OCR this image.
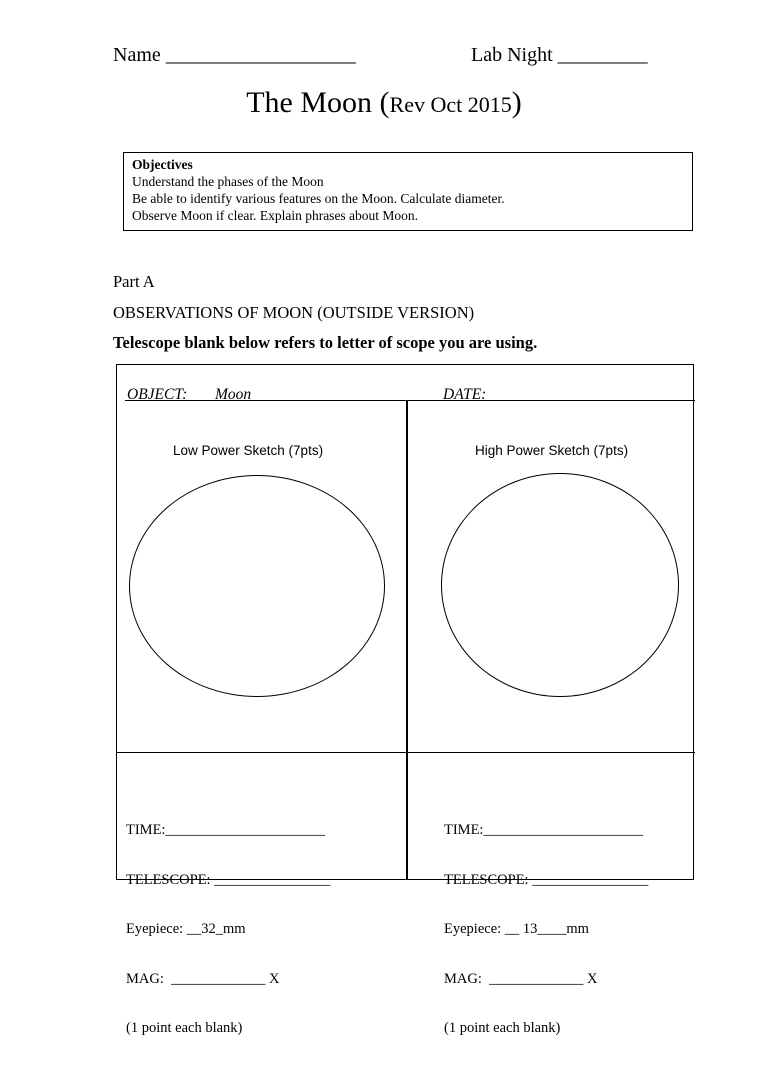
Name ___________________	Lab Night _________
The Moon (Rev Oct 2015)
Objectives
Understand the phases of the Moon
Be able to identify various features on the Moon. Calculate diameter.
Observe Moon if clear. Explain phrases about Moon.
Part A
OBSERVATIONS OF MOON (OUTSIDE VERSION)
Telescope blank below refers to letter of scope you are using.
OBJECT: Moon	DATE: _________________
Low Power Sketch (7pts)

TIME:______________________

TELESCOPE: ________________

Eyepiece: __32_mm

MAG:  _____________ X

(1 point each blank)

High Power Sketch (7pts)

TIME:______________________

TELESCOPE: ________________

Eyepiece: __ 13____mm

MAG:  _____________ X

(1 point each blank)
